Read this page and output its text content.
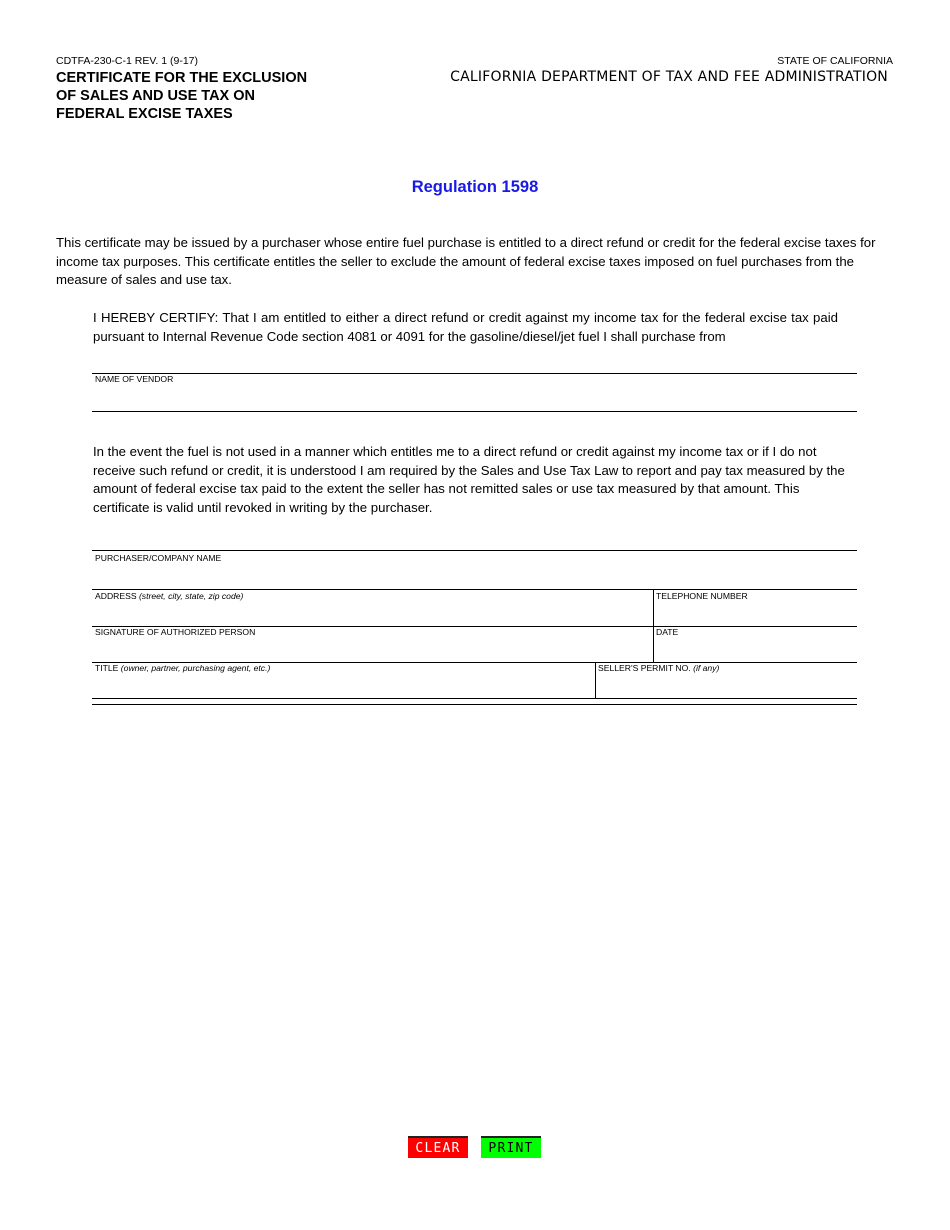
CDTFA-230-C-1 REV. 1 (9-17)
CERTIFICATE FOR THE EXCLUSION
OF SALES AND USE TAX ON
FEDERAL EXCISE TAXES
STATE OF CALIFORNIA
CALIFORNIA DEPARTMENT OF TAX AND FEE ADMINISTRATION
Regulation 1598
This certificate may be issued by a purchaser whose entire fuel purchase is entitled to a direct refund or credit for the federal excise taxes for income tax purposes. This certificate entitles the seller to exclude the amount of federal excise taxes imposed on fuel purchases from the measure of sales and use tax.
I HEREBY CERTIFY: That I am entitled to either a direct refund or credit against my income tax for the federal excise tax paid pursuant to Internal Revenue Code section 4081 or 4091 for the gasoline/diesel/jet fuel I shall purchase from
NAME OF VENDOR
In the event the fuel is not used in a manner which entitles me to a direct refund or credit against my income tax or if I do not receive such refund or credit, it is understood I am required by the Sales and Use Tax Law to report and pay tax measured by the amount of federal excise tax paid to the extent the seller has not remitted sales or use tax measured by that amount. This certificate is valid until revoked in writing by the purchaser.
PURCHASER/COMPANY NAME
ADDRESS (street, city, state, zip code)	TELEPHONE NUMBER
SIGNATURE OF AUTHORIZED PERSON	DATE
TITLE (owner, partner, purchasing agent, etc.)	SELLER'S PERMIT NO. (if any)
CLEAR	PRINT
